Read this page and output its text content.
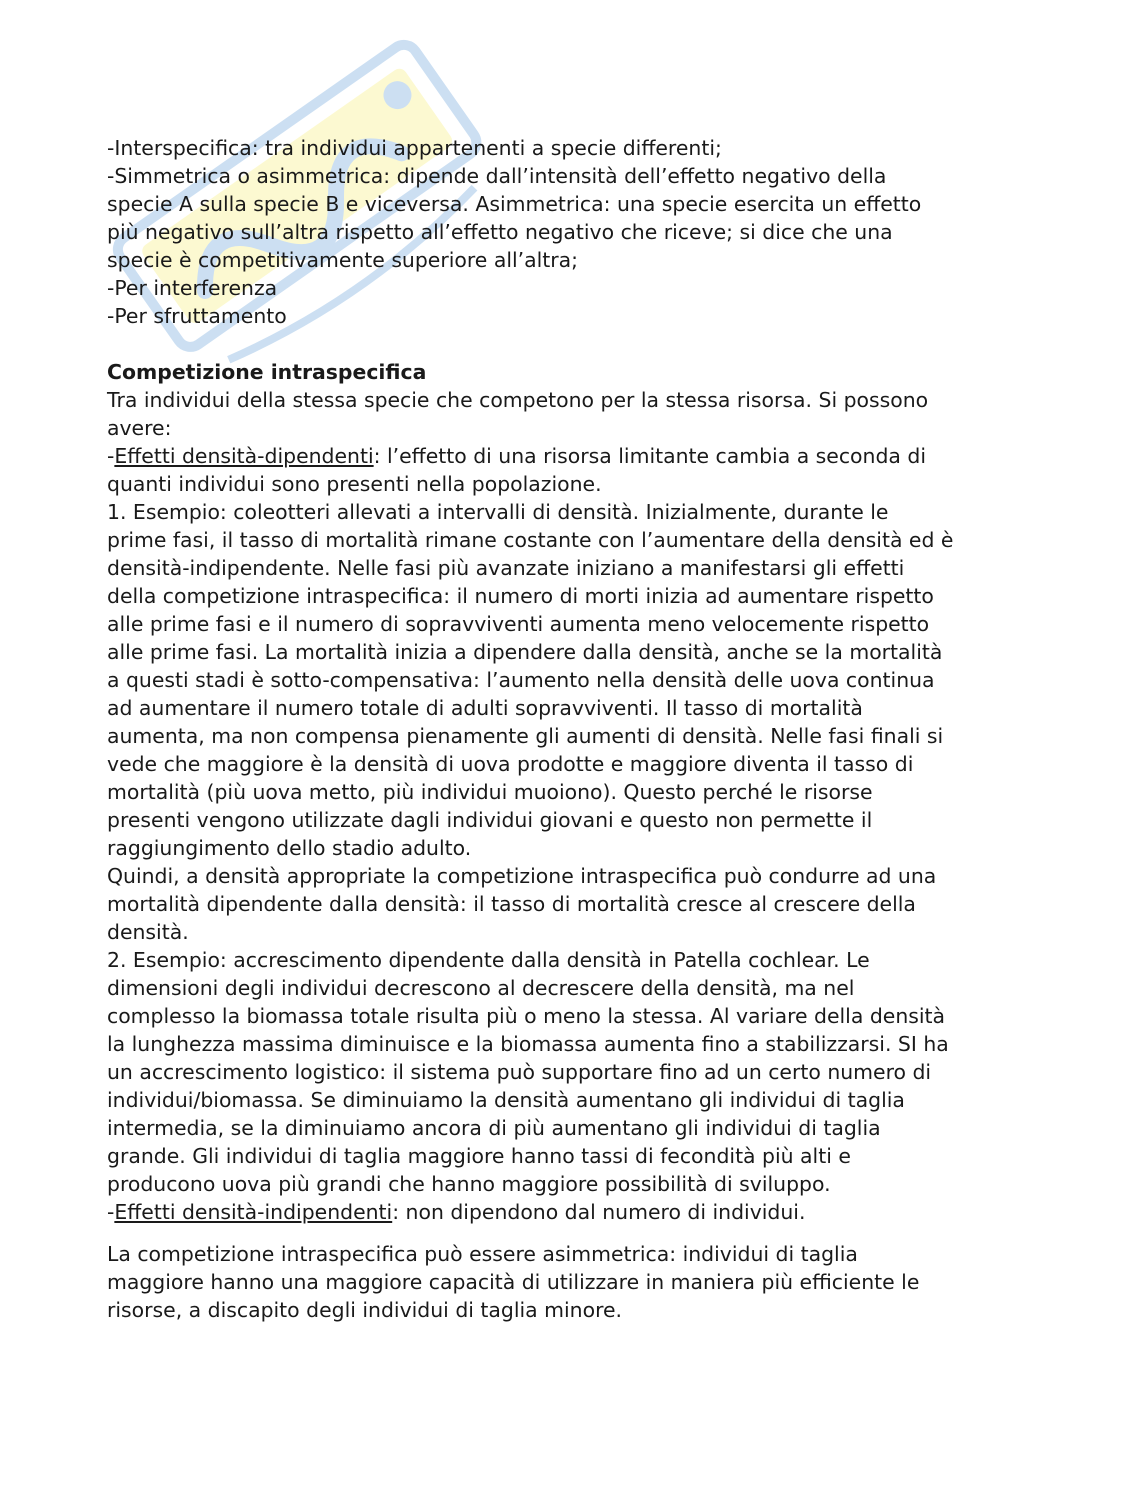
-Interspecifica: tra individui appartenenti a specie differenti;
-Simmetrica o asimmetrica: dipende dall’intensità dell’effetto negativo della
specie A sulla specie B e viceversa. Asimmetrica: una specie esercita un effetto
più negativo sull’altra rispetto all’effetto negativo che riceve; si dice che una
specie è competitivamente superiore all’altra;
-Per interferenza
-Per sfruttamento
Competizione intraspecifica
Tra individui della stessa specie che competono per la stessa risorsa. Si possono
avere:
-Effetti densità-dipendenti: l’effetto di una risorsa limitante cambia a seconda di
quanti individui sono presenti nella popolazione.
1. Esempio: coleotteri allevati a intervalli di densità. Inizialmente, durante le
prime fasi, il tasso di mortalità rimane costante con l’aumentare della densità ed è
densità-indipendente. Nelle fasi più avanzate iniziano a manifestarsi gli effetti
della competizione intraspecifica: il numero di morti inizia ad aumentare rispetto
alle prime fasi e il numero di sopravviventi aumenta meno velocemente rispetto
alle prime fasi. La mortalità inizia a dipendere dalla densità, anche se la mortalità
a questi stadi è sotto-compensativa: l’aumento nella densità delle uova continua
ad aumentare il numero totale di adulti sopravviventi. Il tasso di mortalità
aumenta, ma non compensa pienamente gli aumenti di densità. Nelle fasi finali si
vede che maggiore è la densità di uova prodotte e maggiore diventa il tasso di
mortalità (più uova metto, più individui muoiono). Questo perché le risorse
presenti vengono utilizzate dagli individui giovani e questo non permette il
raggiungimento dello stadio adulto.
Quindi, a densità appropriate la competizione intraspecifica può condurre ad una
mortalità dipendente dalla densità: il tasso di mortalità cresce al crescere della
densità.
2. Esempio: accrescimento dipendente dalla densità in Patella cochlear. Le
dimensioni degli individui decrescono al decrescere della densità, ma nel
complesso la biomassa totale risulta più o meno la stessa. Al variare della densità
la lunghezza massima diminuisce e la biomassa aumenta fino a stabilizzarsi. SI ha
un accrescimento logistico: il sistema può supportare fino ad un certo numero di
individui/biomassa. Se diminuiamo la densità aumentano gli individui di taglia
intermedia, se la diminuiamo ancora di più aumentano gli individui di taglia
grande. Gli individui di taglia maggiore hanno tassi di fecondità più alti e
producono uova più grandi che hanno maggiore possibilità di sviluppo.
-Effetti densità-indipendenti: non dipendono dal numero di individui.
La competizione intraspecifica può essere asimmetrica: individui di taglia
maggiore hanno una maggiore capacità di utilizzare in maniera più efficiente le
risorse, a discapito degli individui di taglia minore.
